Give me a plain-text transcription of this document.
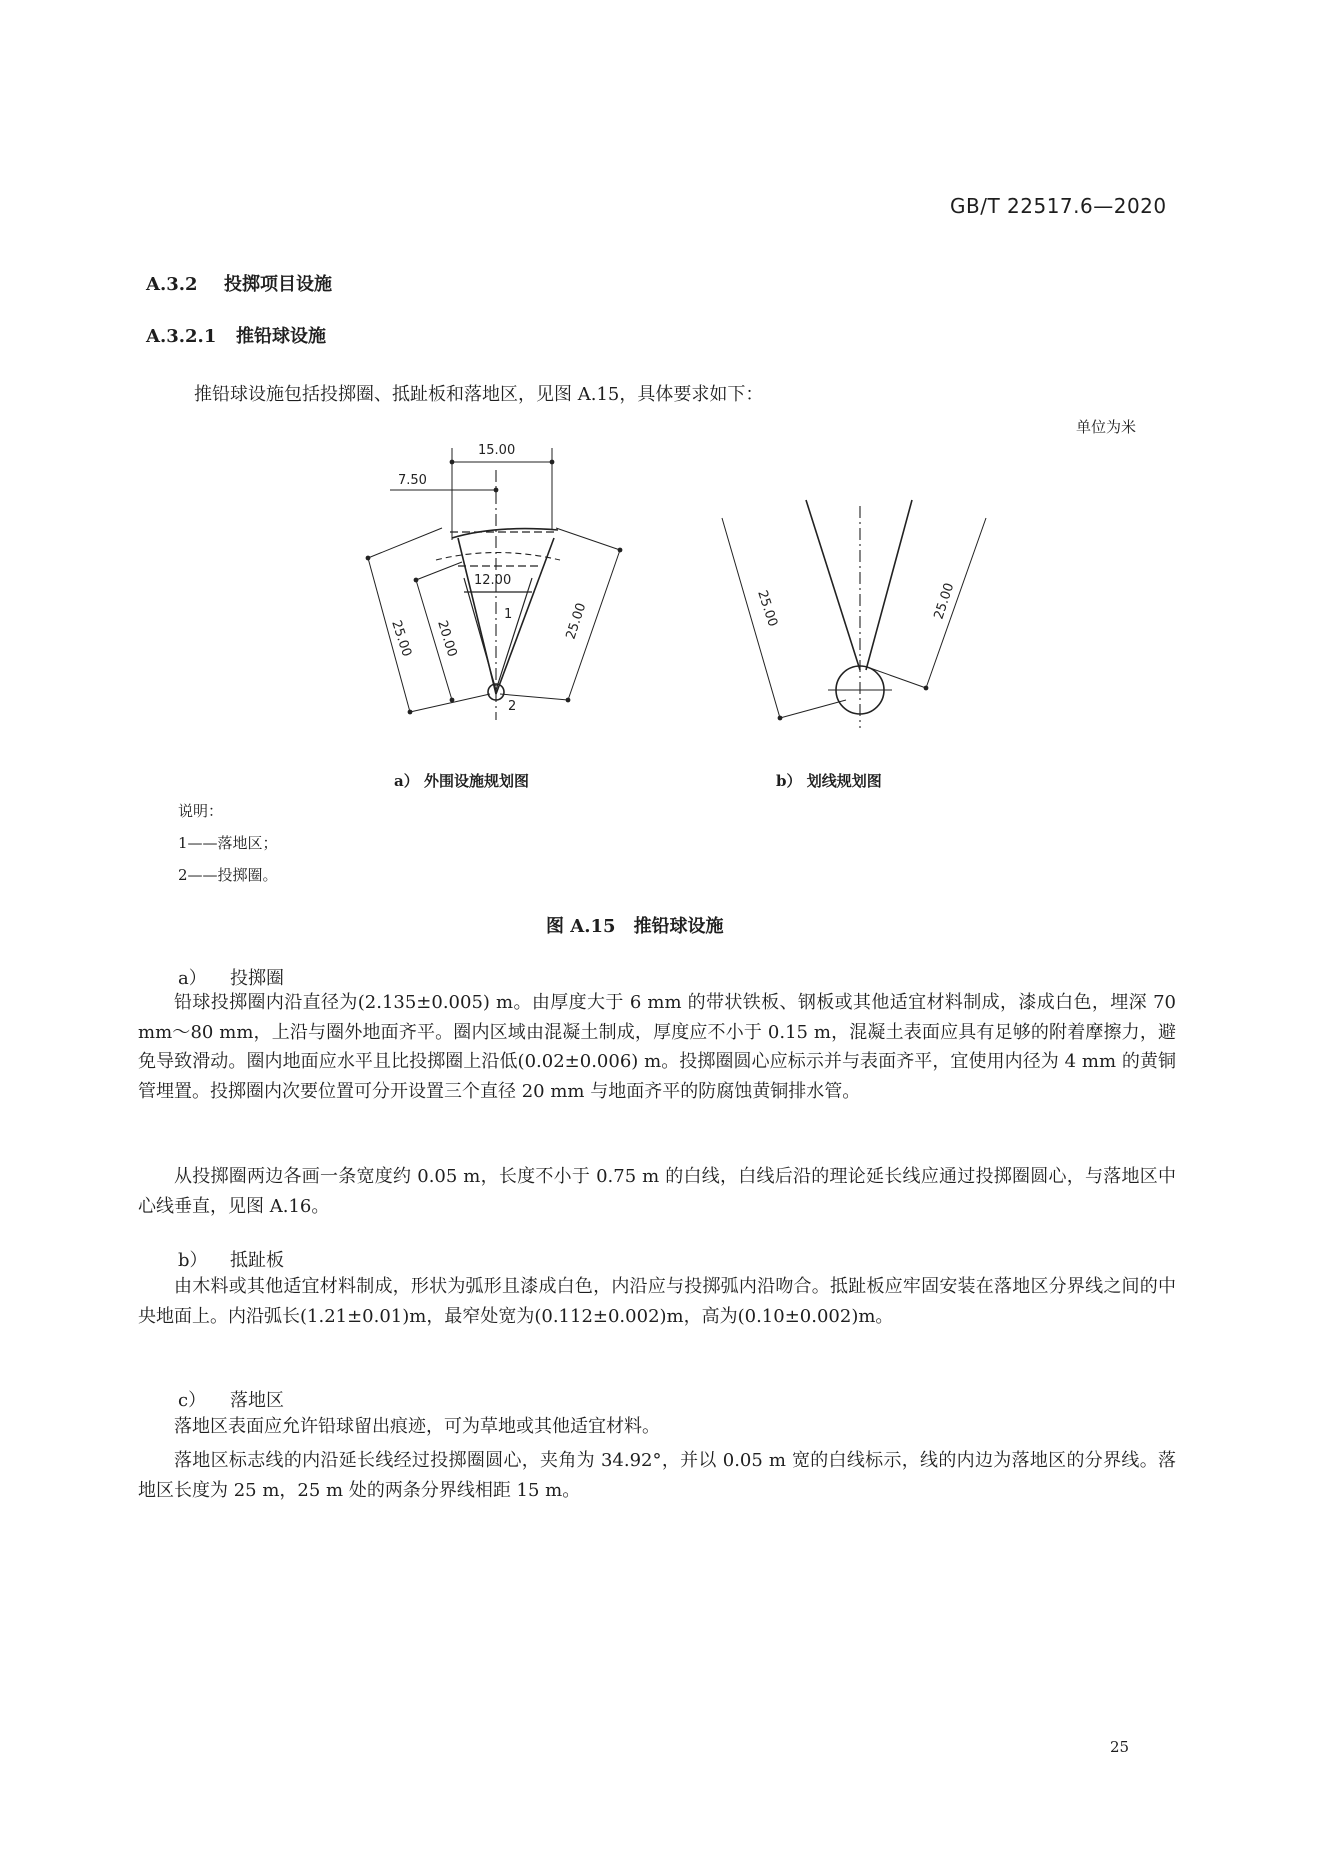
GB/T 22517.6—2020
A.3.2 投掷项目设施
A.3.2.1 推铅球设施
推铅球设施包括投掷圈、抵趾板和落地区，见图 A.15，具体要求如下：
单位为米
15.00
7.50
12.00
1
2
25.00 20.00	25.00	25.00	25.00
a） 外围设施规划图	b） 划线规划图
说明：
1——落地区；
2——投掷圈。
图 A.15 推铅球设施
a） 投掷圈

铅球投掷圈内沿直径为(2.135±0.005) m。由厚度大于 6 mm 的带状铁板、钢板或其他适宜材料制成，漆成白色，埋深 70 mm～80 mm，上沿与圈外地面齐平。圈内区域由混凝土制成，厚度应不小于 0.15 m，混凝土表面应具有足够的附着摩擦力，避免导致滑动。圈内地面应水平且比投掷圈上沿低(0.02±0.006) m。投掷圈圆心应标示并与表面齐平，宜使用内径为 4 mm 的黄铜管埋置。投掷圈内次要位置可分开设置三个直径 20 mm 与地面齐平的防腐蚀黄铜排水管。

从投掷圈两边各画一条宽度约 0.05 m，长度不小于 0.75 m 的白线，白线后沿的理论延长线应通过投掷圈圆心，与落地区中心线垂直，见图 A.16。

b） 抵趾板

由木料或其他适宜材料制成，形状为弧形且漆成白色，内沿应与投掷弧内沿吻合。抵趾板应牢固安装在落地区分界线之间的中央地面上。内沿弧长(1.21±0.01)m，最窄处宽为(0.112±0.002)m，高为(0.10±0.002)m。

c） 落地区

落地区表面应允许铅球留出痕迹，可为草地或其他适宜材料。

落地区标志线的内沿延长线经过投掷圈圆心，夹角为 34.92°，并以 0.05 m 宽的白线标示，线的内边为落地区的分界线。落地区长度为 25 m，25 m 处的两条分界线相距 15 m。

25
